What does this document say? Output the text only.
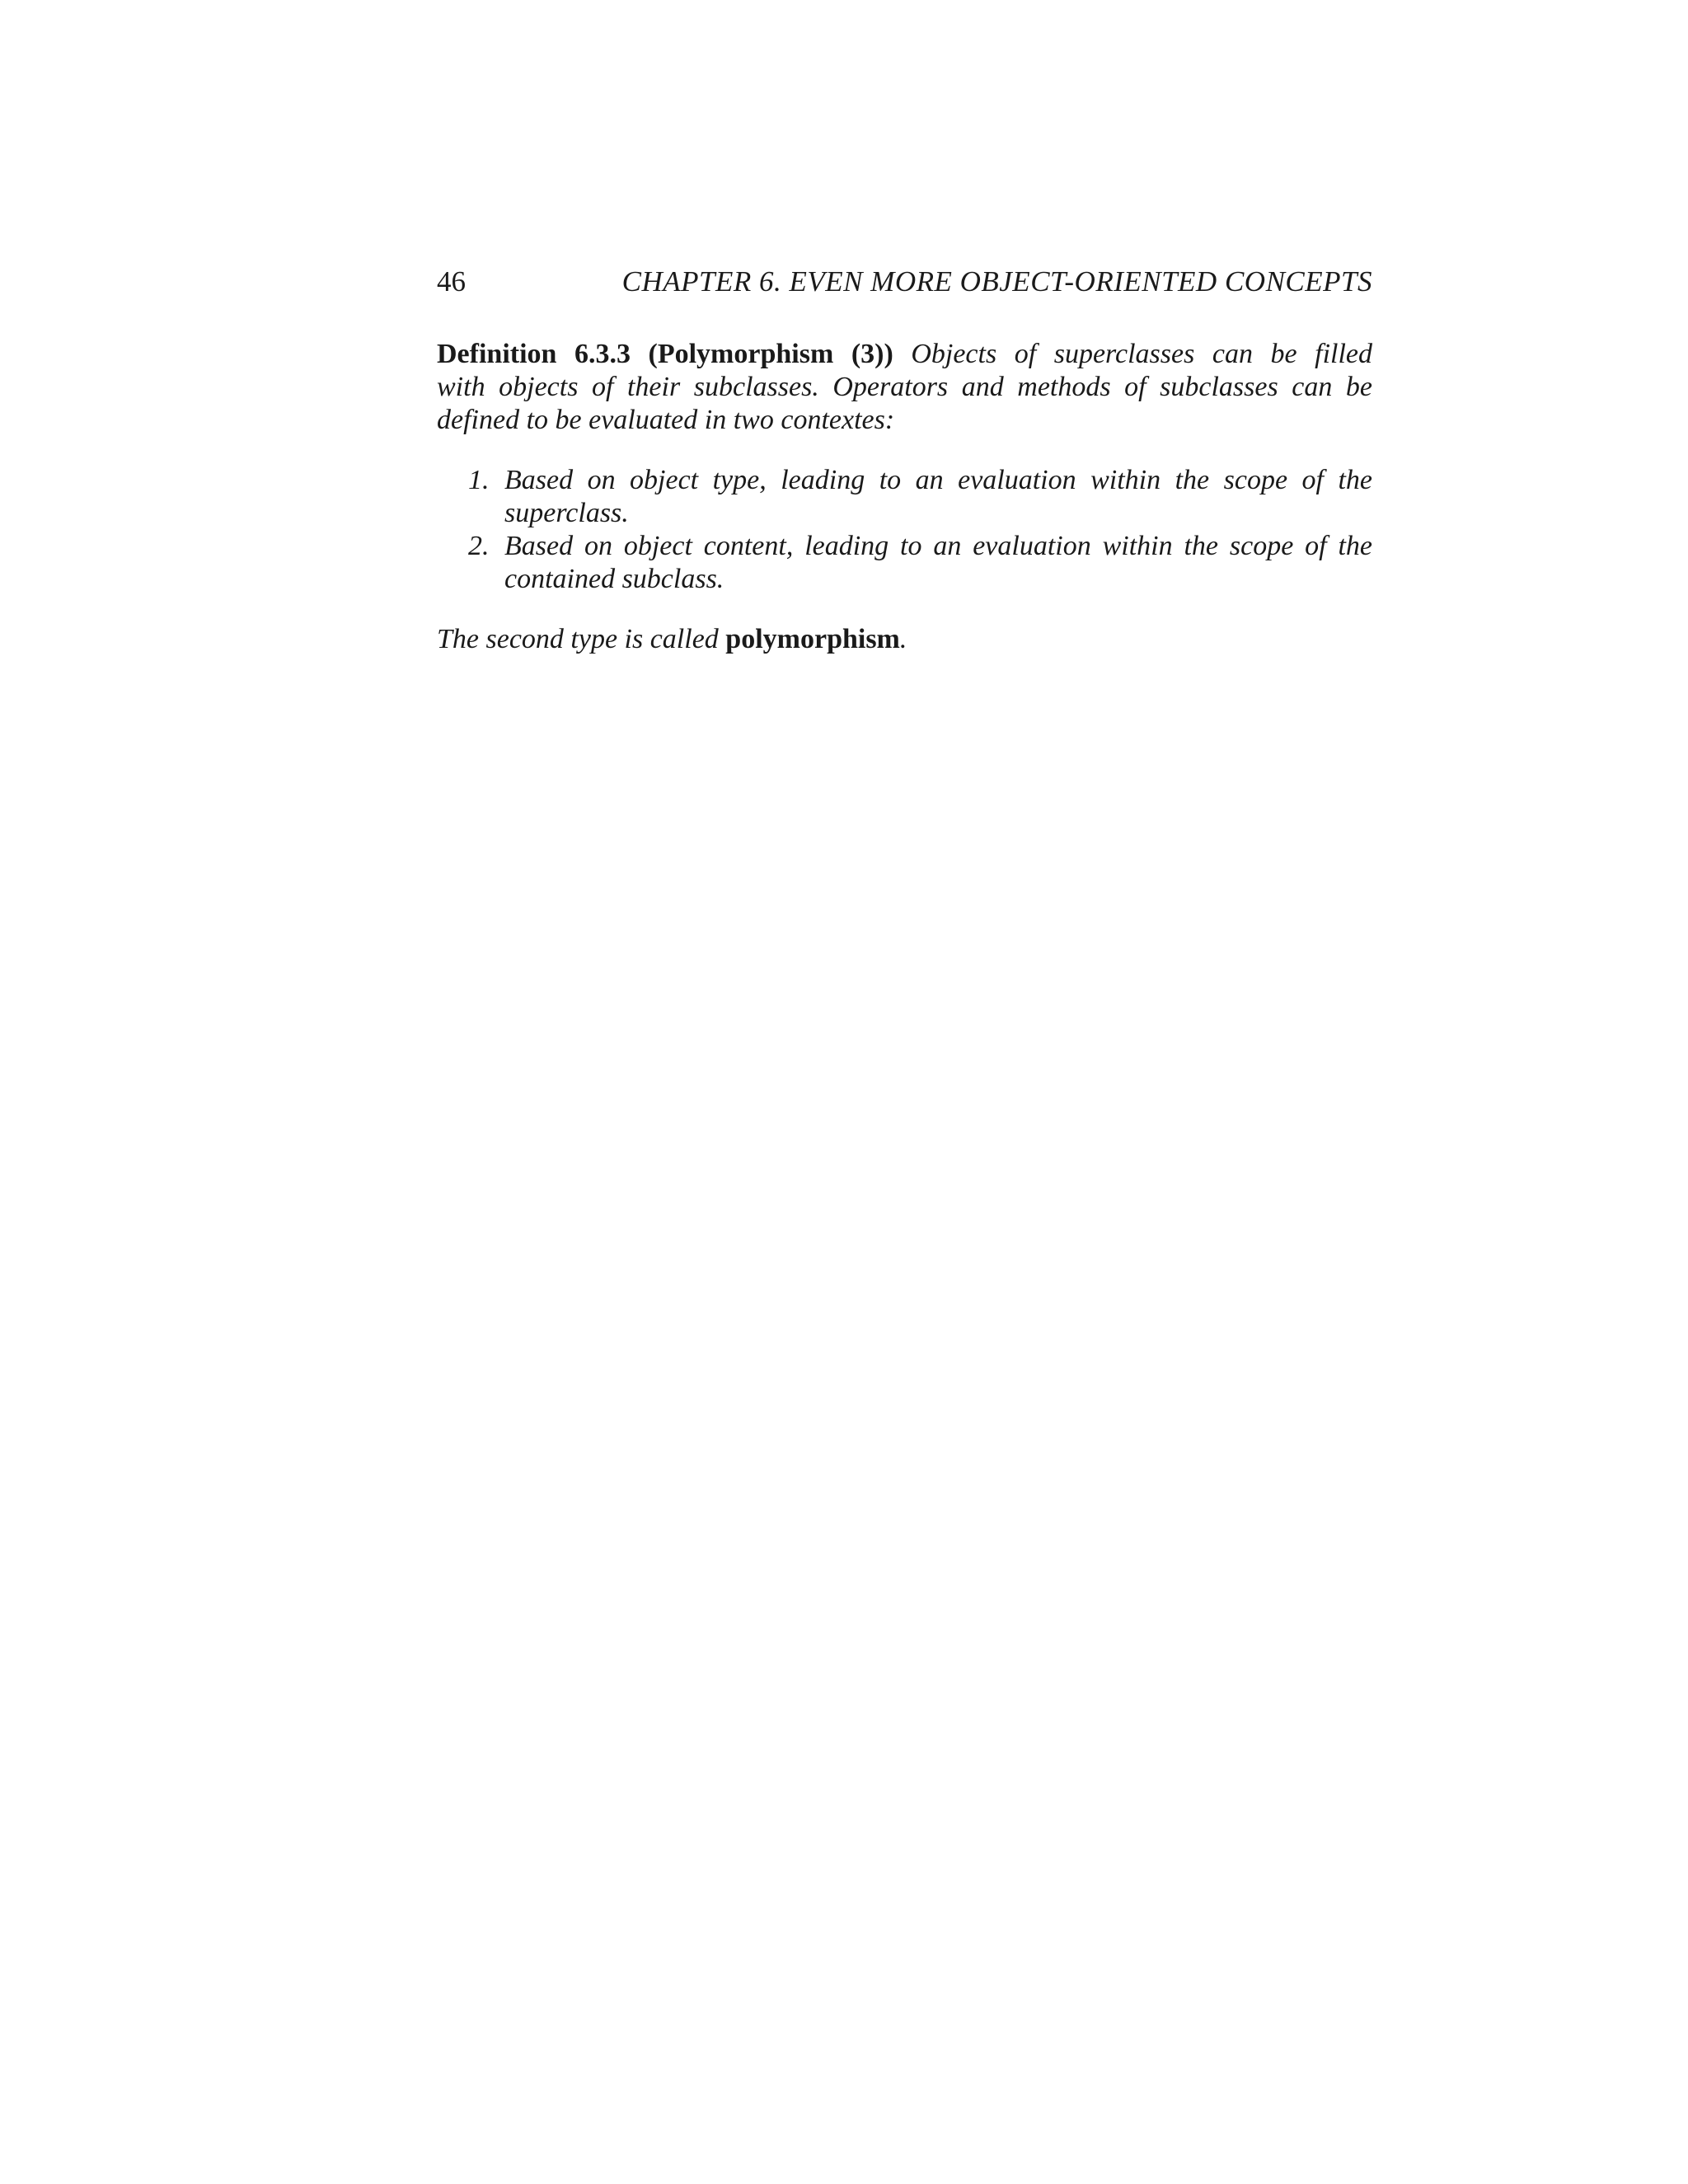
46	CHAPTER 6. EVEN MORE OBJECT-ORIENTED CONCEPTS
Definition 6.3.3 (Polymorphism (3)) Objects of superclasses can be filled
with objects of their subclasses. Operators and methods of subclasses can be
defined to be evaluated in two contextes:
1. Based on object type, leading to an evaluation within the scope of the
superclass.
2. Based on object content, leading to an evaluation within the scope of the
contained subclass.
The second type is called polymorphism.
